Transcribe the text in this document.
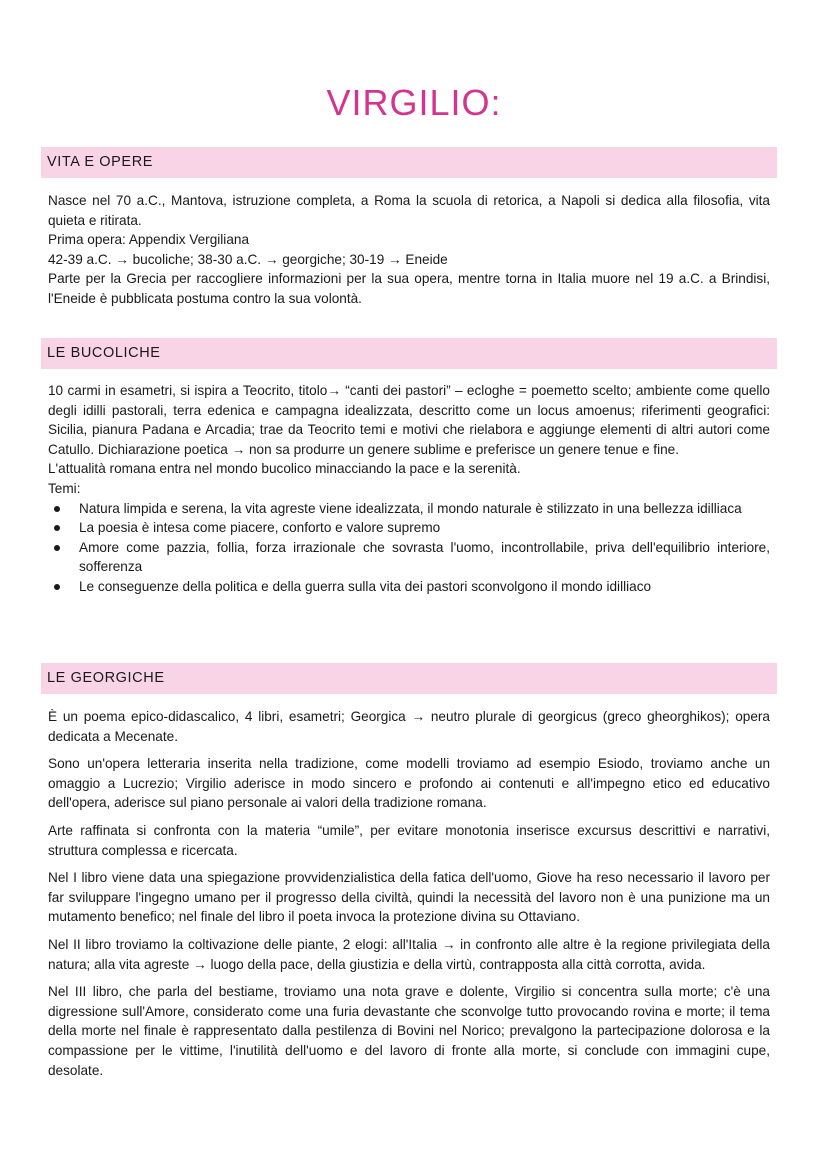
VIRGILIO:
VITA E OPERE

Nasce nel 70 a.C., Mantova, istruzione completa, a Roma la scuola di retorica, a Napoli si dedica alla filosofia, vita quieta e ritirata.

Prima opera: Appendix Vergiliana

42-39 a.C. → bucoliche; 38-30 a.C. → georgiche; 30-19 → Eneide

Parte per la Grecia per raccogliere informazioni per la sua opera, mentre torna in Italia muore nel 19 a.C. a Brindisi, l'Eneide è pubblicata postuma contro la sua volontà.

LE BUCOLICHE

10 carmi in esametri, si ispira a Teocrito, titolo→ “canti dei pastori” – ecloghe = poemetto scelto; ambiente come quello degli idilli pastorali, terra edenica e campagna idealizzata, descritto come un locus amoenus; riferimenti geografici: Sicilia, pianura Padana e Arcadia; trae da Teocrito temi e motivi che rielabora e aggiunge elementi di altri autori come Catullo. Dichiarazione poetica → non sa produrre un genere sublime e preferisce un genere tenue e fine.

L'attualità romana entra nel mondo bucolico minacciando la pace e la serenità.

Temi:

Natura limpida e serena, la vita agreste viene idealizzata, il mondo naturale è stilizzato in una bellezza idilliaca
La poesia è intesa come piacere, conforto e valore supremo
Amore come pazzia, follia, forza irrazionale che sovrasta l'uomo, incontrollabile, priva dell'equilibrio interiore, sofferenza
Le conseguenze della politica e della guerra sulla vita dei pastori sconvolgono il mondo idilliaco
LE GEORGICHE

È un poema epico-didascalico, 4 libri, esametri; Georgica → neutro plurale di georgicus (greco gheorghikos); opera dedicata a Mecenate.

Sono un'opera letteraria inserita nella tradizione, come modelli troviamo ad esempio Esiodo, troviamo anche un omaggio a Lucrezio; Virgilio aderisce in modo sincero e profondo ai contenuti e all'impegno etico ed educativo dell'opera, aderisce sul piano personale ai valori della tradizione romana.

Arte raffinata si confronta con la materia “umile”, per evitare monotonia inserisce excursus descrittivi e narrativi, struttura complessa e ricercata.

Nel I libro viene data una spiegazione provvidenzialistica della fatica dell'uomo, Giove ha reso necessario il lavoro per far sviluppare l'ingegno umano per il progresso della civiltà, quindi la necessità del lavoro non è una punizione ma un mutamento benefico; nel finale del libro il poeta invoca la protezione divina su Ottaviano.

Nel II libro troviamo la coltivazione delle piante, 2 elogi: all'Italia → in confronto alle altre è la regione privilegiata della natura; alla vita agreste → luogo della pace, della giustizia e della virtù, contrapposta alla città corrotta, avida.

Nel III libro, che parla del bestiame, troviamo una nota grave e dolente, Virgilio si concentra sulla morte; c'è una digressione sull'Amore, considerato come una furia devastante che sconvolge tutto provocando rovina e morte; il tema della morte nel finale è rappresentato dalla pestilenza di Bovini nel Norico; prevalgono la partecipazione dolorosa e la compassione per le vittime, l'inutilità dell'uomo e del lavoro di fronte alla morte, si conclude con immagini cupe, desolate.
